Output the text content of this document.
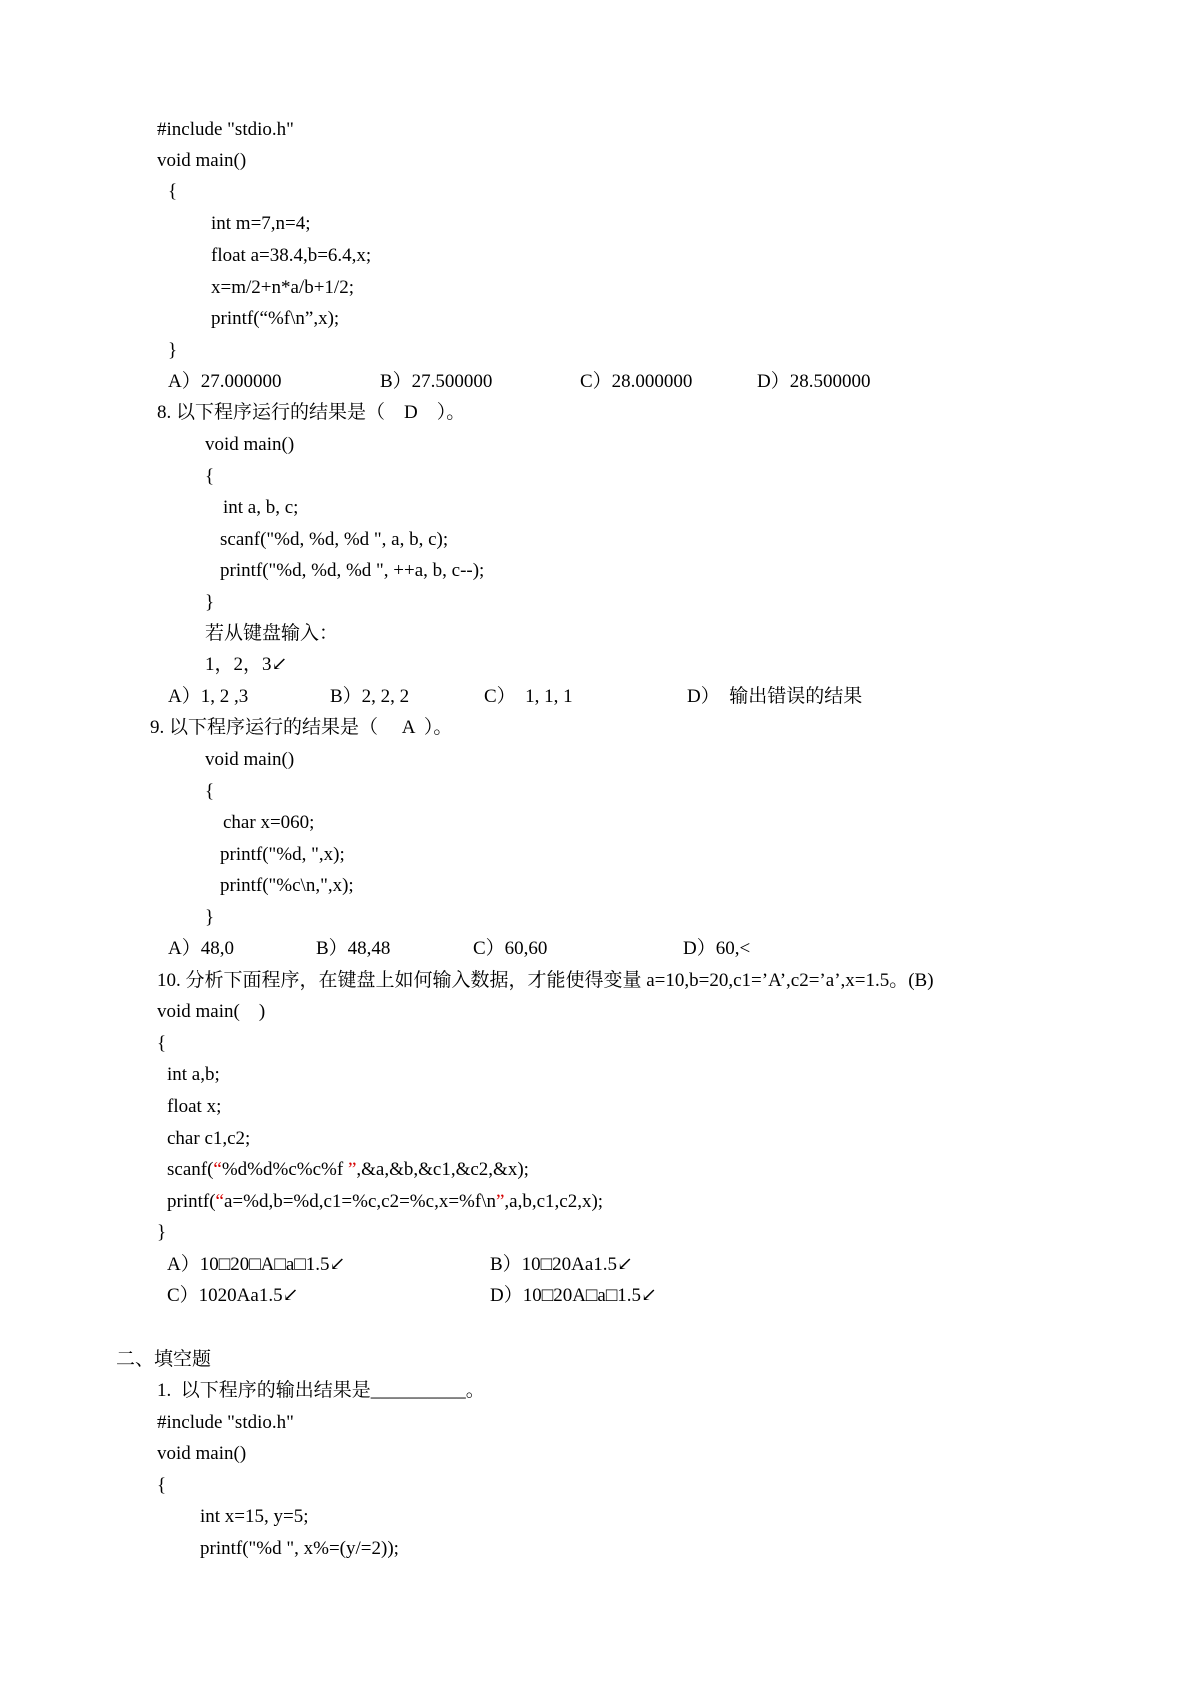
#include "stdio.h"
void main()
{
int m=7,n=4;
float a=38.4,b=6.4,x;
x=m/2+n*a/b+1/2;
printf(“%f\n”,x);
}
A）27.000000	B）27.500000	C）28.000000	D）28.500000
8. 以下程序运行的结果是（    D    ）。
void main()
{
int a, b, c;
scanf("%d, %d, %d ", a, b, c);
printf("%d, %d, %d ", ++a, b, c--);
}
若从键盘输入：
1，2，3↙
A）1, 2 ,3	B）2, 2, 2	C）  1, 1, 1	D）  输出错误的结果
9. 以下程序运行的结果是（     A  ）。
void main()
{
char x=060;
printf("%d, ",x);
printf("%c\n,",x);
}
A）48,0	B）48,48	C）60,60	D）60,<
10. 分析下面程序，在键盘上如何输入数据，才能使得变量 a=10,b=20,c1=’A’,c2=’a’,x=1.5。(B)
void main(    )
{
int a,b;
float x;
char c1,c2;
scanf(“%d%d%c%c%f ”,&a,&b,&c1,&c2,&x);
printf(“a=%d,b=%d,c1=%c,c2=%c,x=%f\n”,a,b,c1,c2,x);
}
A）10□20□A□a□1.5↙	B）10□20Aa1.5↙
C）1020Aa1.5↙	D）10□20A□a□1.5↙
二、填空题
1.  以下程序的输出结果是__________。
#include "stdio.h"
void main()
{
int x=15, y=5;
printf("%d ", x%=(y/=2));
